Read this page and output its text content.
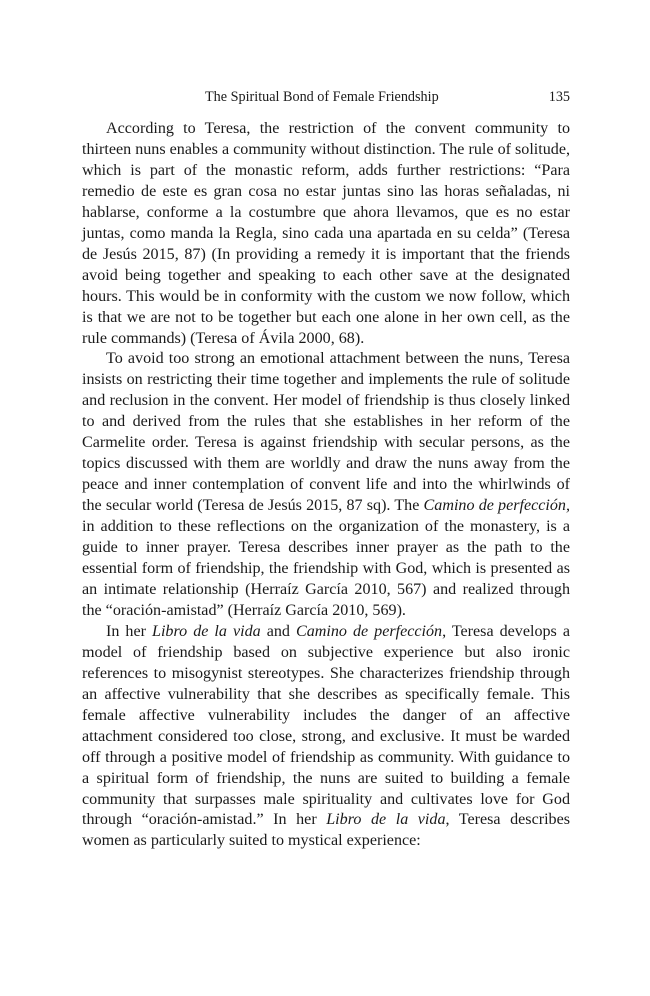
The Spiritual Bond of Female Friendship	135

According to Teresa, the restriction of the convent community to thirteen nuns enables a community without distinction. The rule of solitude, which is part of the monastic reform, adds further restrictions: “Para remedio de este es gran cosa no estar juntas sino las horas señaladas, ni hablarse, conforme a la costumbre que ahora llevamos, que es no estar juntas, como manda la Regla, sino cada una apartada en su celda” (Teresa de Jesús 2015, 87) (In providing a remedy it is important that the friends avoid being together and speaking to each other save at the designated hours. This would be in conformity with the custom we now follow, which is that we are not to be together but each one alone in her own cell, as the rule commands) (Teresa of Ávila 2000, 68).

To avoid too strong an emotional attachment between the nuns, Teresa insists on restricting their time together and implements the rule of solitude and reclusion in the convent. Her model of friendship is thus closely linked to and derived from the rules that she establishes in her reform of the Carmelite order. Teresa is against friendship with secular persons, as the topics discussed with them are worldly and draw the nuns away from the peace and inner contemplation of convent life and into the whirlwinds of the secular world (Teresa de Jesús 2015, 87 sq). The Camino de perfección, in addition to these reflections on the organization of the monastery, is a guide to inner prayer. Teresa describes inner prayer as the path to the essential form of friendship, the friendship with God, which is presented as an intimate relationship (Herraíz García 2010, 567) and realized through the “oración-amistad” (Herraíz García 2010, 569).

In her Libro de la vida and Camino de perfección, Teresa develops a model of friendship based on subjective experience but also ironic references to misogynist stereotypes. She characterizes friendship through an affective vulnerability that she describes as specifically female. This female affective vulnerability includes the danger of an affective attachment considered too close, strong, and exclusive. It must be warded off through a positive model of friendship as community. With guidance to a spiritual form of friendship, the nuns are suited to building a female community that surpasses male spirituality and cultivates love for God through “oración-amistad.” In her Libro de la vida, Teresa describes women as particularly suited to mystical experience:
